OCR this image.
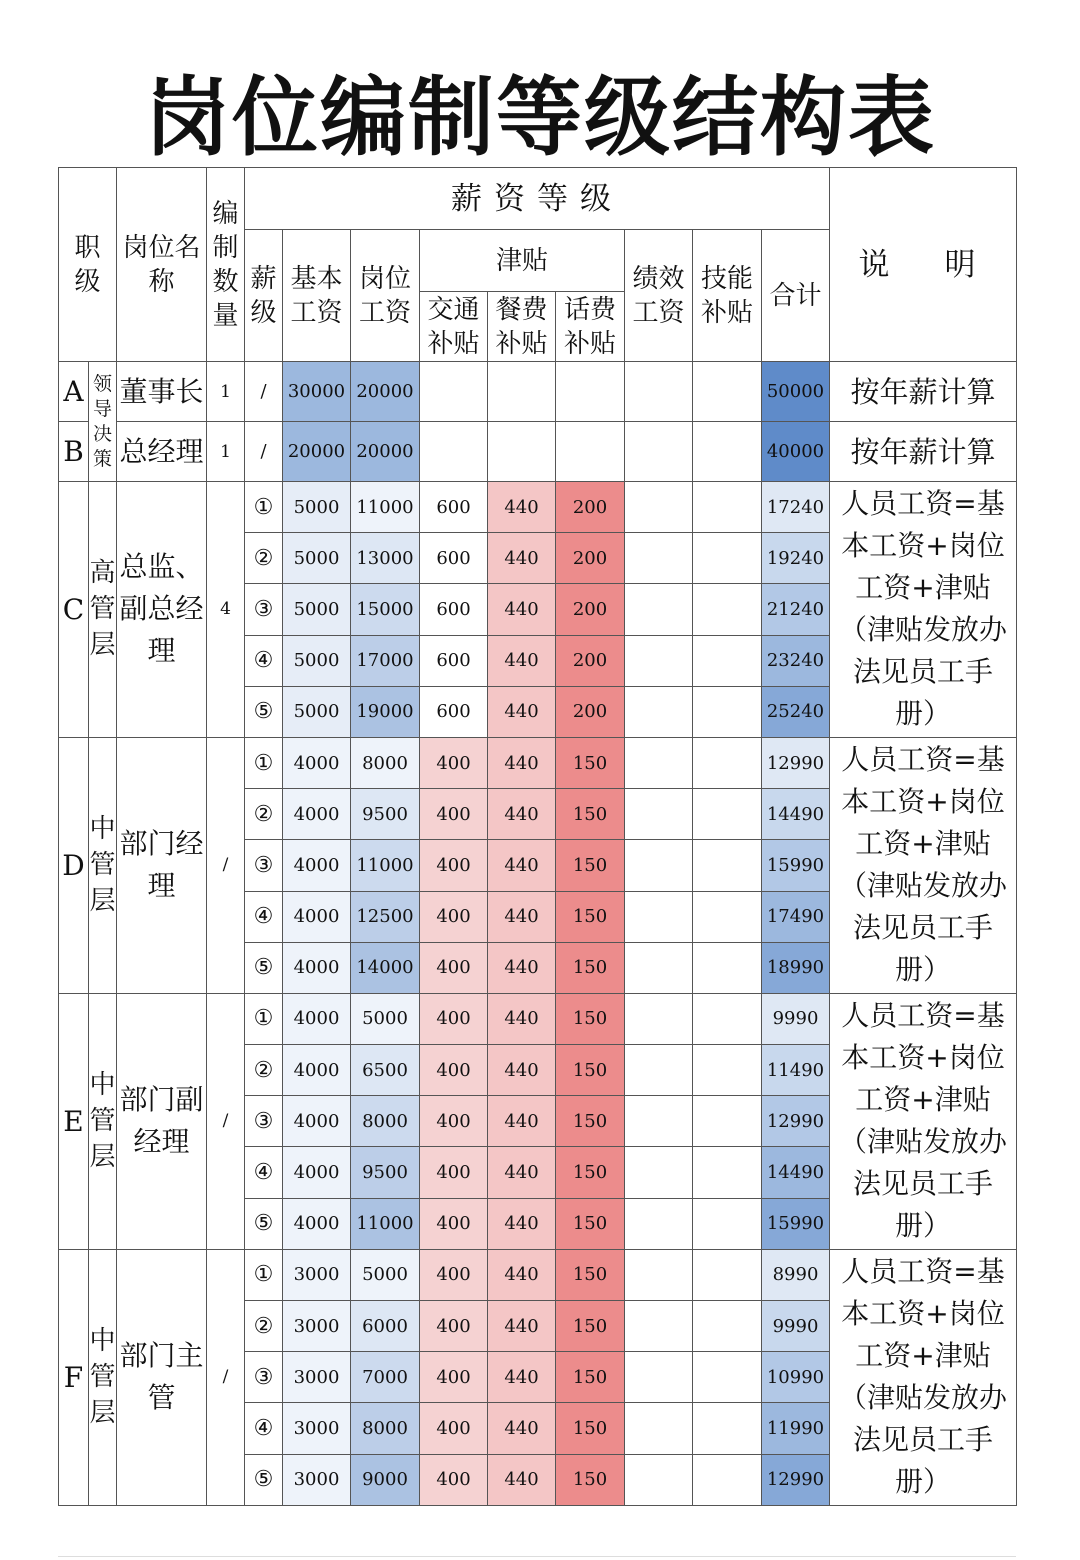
岗位编制等级结构表
职级		岗位名称	编制数量	薪资等级									说　明

				薪级	基本工资	岗位工资	津贴			绩效工资	技能补贴	合计	

							交通补贴	餐费补贴	话费补贴				

A	领导决策	董事长	1	/	30000	20000						50000	按年薪计算
B		总经理	1	/	20000	20000						40000	按年薪计算
C	高管层	总监、副总经理	4	①	5000	11000	600	440	200			17240	人员工资=基本工资+岗位工资+津贴（津贴发放办法见员工手册）
				②	5000	13000	600	440	200			19240	
				③	5000	15000	600	440	200			21240	
				④	5000	17000	600	440	200			23240	
				⑤	5000	19000	600	440	200			25240	
D	中管层	部门经理	/	①	4000	8000	400	440	150			12990	人员工资=基本工资+岗位工资+津贴（津贴发放办法见员工手册）
				②	4000	9500	400	440	150			14490	
				③	4000	11000	400	440	150			15990	
				④	4000	12500	400	440	150			17490	
				⑤	4000	14000	400	440	150			18990	
E	中管层	部门副经理	/	①	4000	5000	400	440	150			9990	人员工资=基本工资+岗位工资+津贴（津贴发放办法见员工手册）
				②	4000	6500	400	440	150			11490	
				③	4000	8000	400	440	150			12990	
				④	4000	9500	400	440	150			14490	
				⑤	4000	11000	400	440	150			15990	
F	中管层	部门主管	/	①	3000	5000	400	440	150			8990	人员工资=基本工资+岗位工资+津贴（津贴发放办法见员工手册）
				②	3000	6000	400	440	150			9990	
				③	3000	7000	400	440	150			10990	
				④	3000	8000	400	440	150			11990	
				⑤	3000	9000	400	440	150			12990	
